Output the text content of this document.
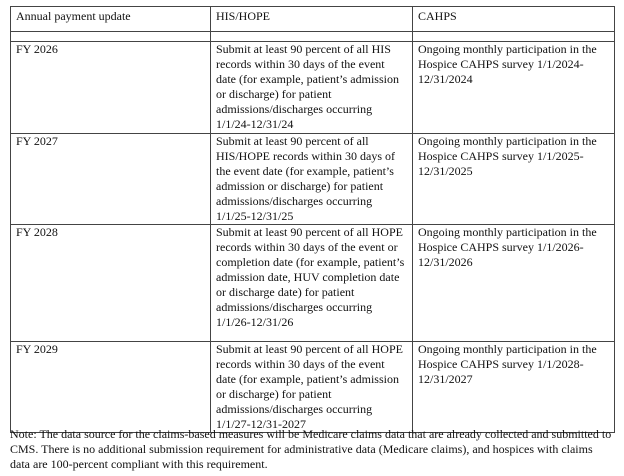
Annual payment update	HIS/HOPE	CAHPS

FY 2026	Submit at least 90 percent of all HIS records within 30 days of the event date (for example, patient’s admission or discharge) for patient admissions/discharges occurring 1/1/24-12/31/24	Ongoing monthly participation in the Hospice CAHPS survey 1/1/2024-12/31/2024
FY 2027	Submit at least 90 percent of all HIS/HOPE records within 30 days of the event date (for example, patient’s admission or discharge) for patient admissions/discharges occurring 1/1/25-12/31/25	Ongoing monthly participation in the Hospice CAHPS survey 1/1/2025-12/31/2025
FY 2028	Submit at least 90 percent of all HOPE records within 30 days of the event or completion date (for example, patient’s admission date, HUV completion date or discharge date) for patient admissions/discharges occurring 1/1/26-12/31/26	Ongoing monthly participation in the Hospice CAHPS survey 1/1/2026-12/31/2026
FY 2029	Submit at least 90 percent of all HOPE records within 30 days of the event date (for example, patient’s admission or discharge) for patient admissions/discharges occurring 1/1/27-12/31-2027	Ongoing monthly participation in the Hospice CAHPS survey 1/1/2028-12/31/2027

Note: The data source for the claims-based measures will be Medicare claims data that are already collected and submitted to CMS. There is no additional submission requirement for administrative data (Medicare claims), and hospices with claims data are 100-percent compliant with this requirement.
